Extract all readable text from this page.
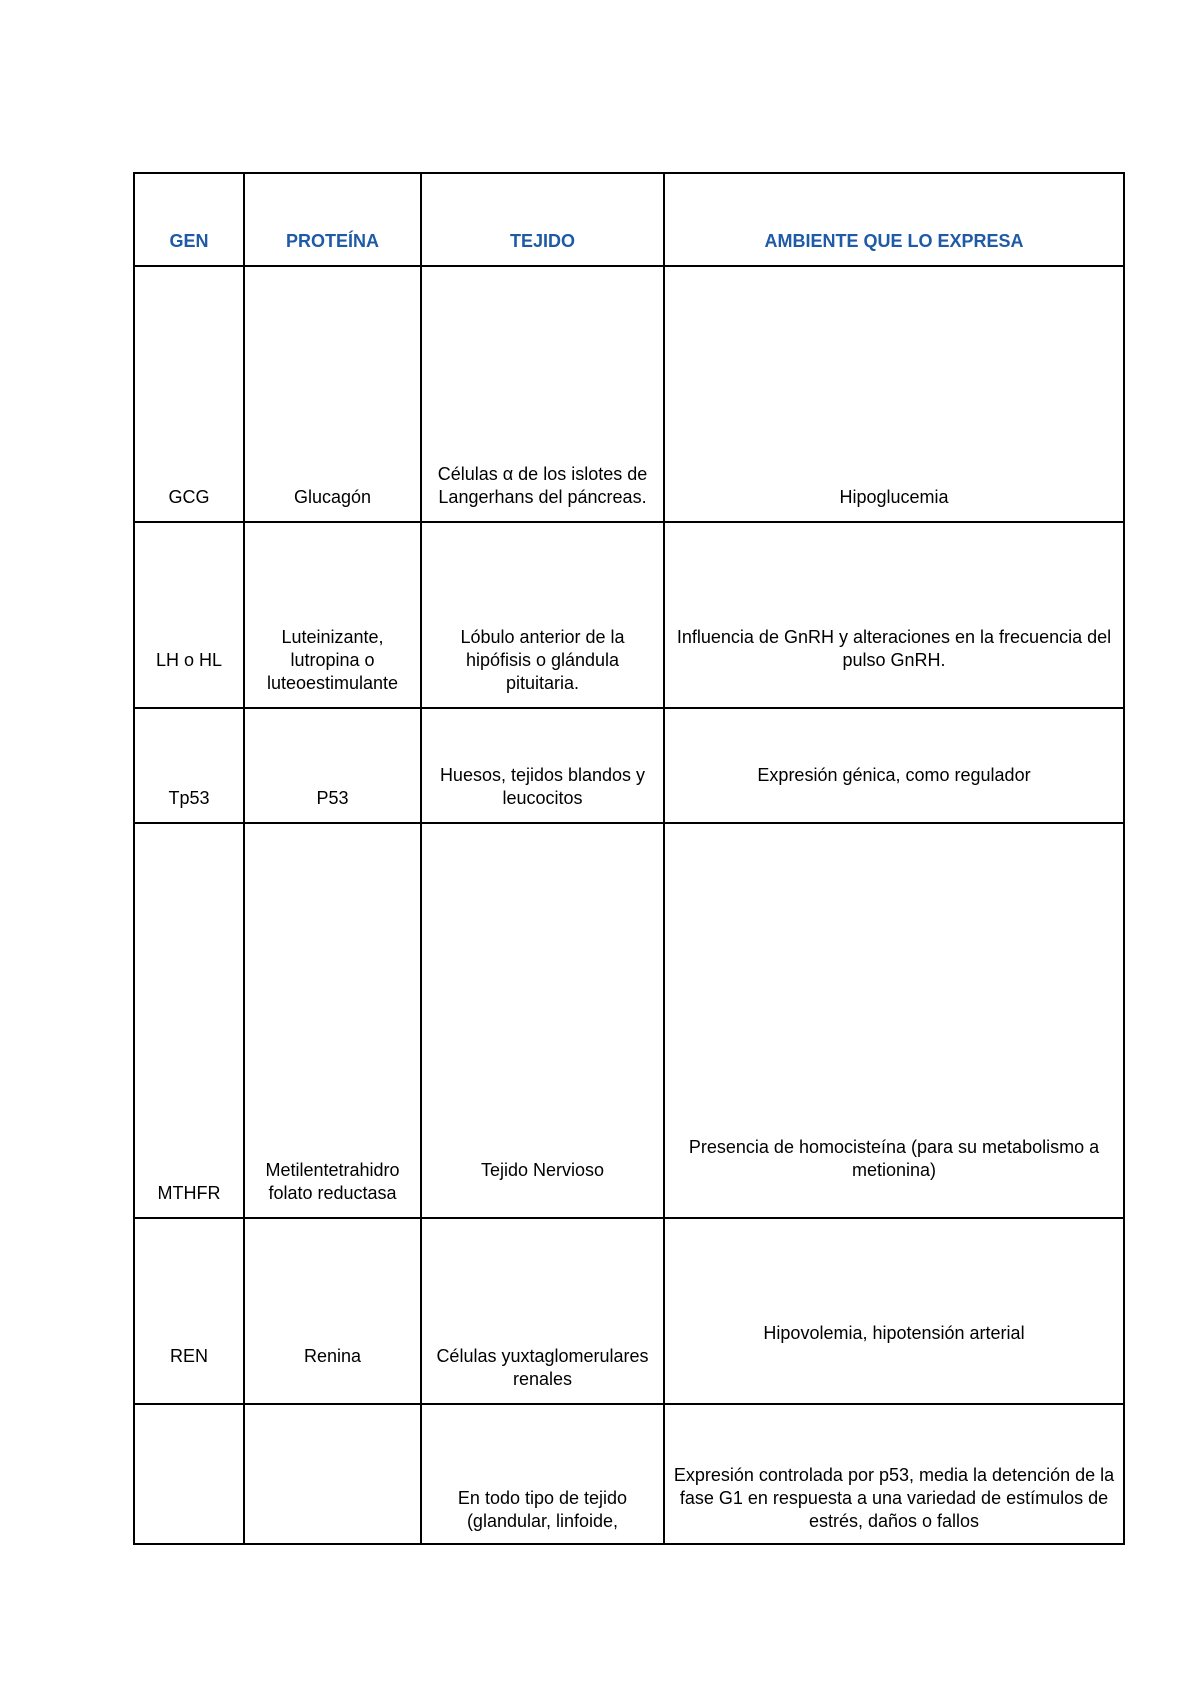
GEN	PROTEÍNA	TEJIDO	AMBIENTE QUE LO EXPRESA
GCG	Glucagón	Células α de los islotes de Langerhans del páncreas.	Hipoglucemia
LH o HL	Luteinizante, lutropina o luteoestimulante	Lóbulo anterior de la hipófisis o glándula pituitaria.	Influencia de GnRH y alteraciones en la frecuencia del pulso GnRH.
Tp53	P53	Huesos, tejidos blandos y leucocitos	Expresión génica, como regulador
MTHFR	Metilentetrahidro folato reductasa	Tejido Nervioso	Presencia de homocisteína (para su metabolismo a metionina)
REN	Renina	Células yuxtaglomerulares renales	Hipovolemia, hipotensión arterial
		En todo tipo de tejido (glandular, linfoide,	Expresión controlada por p53, media la detención de la fase G1 en respuesta a una variedad de estímulos de estrés, daños o fallos
